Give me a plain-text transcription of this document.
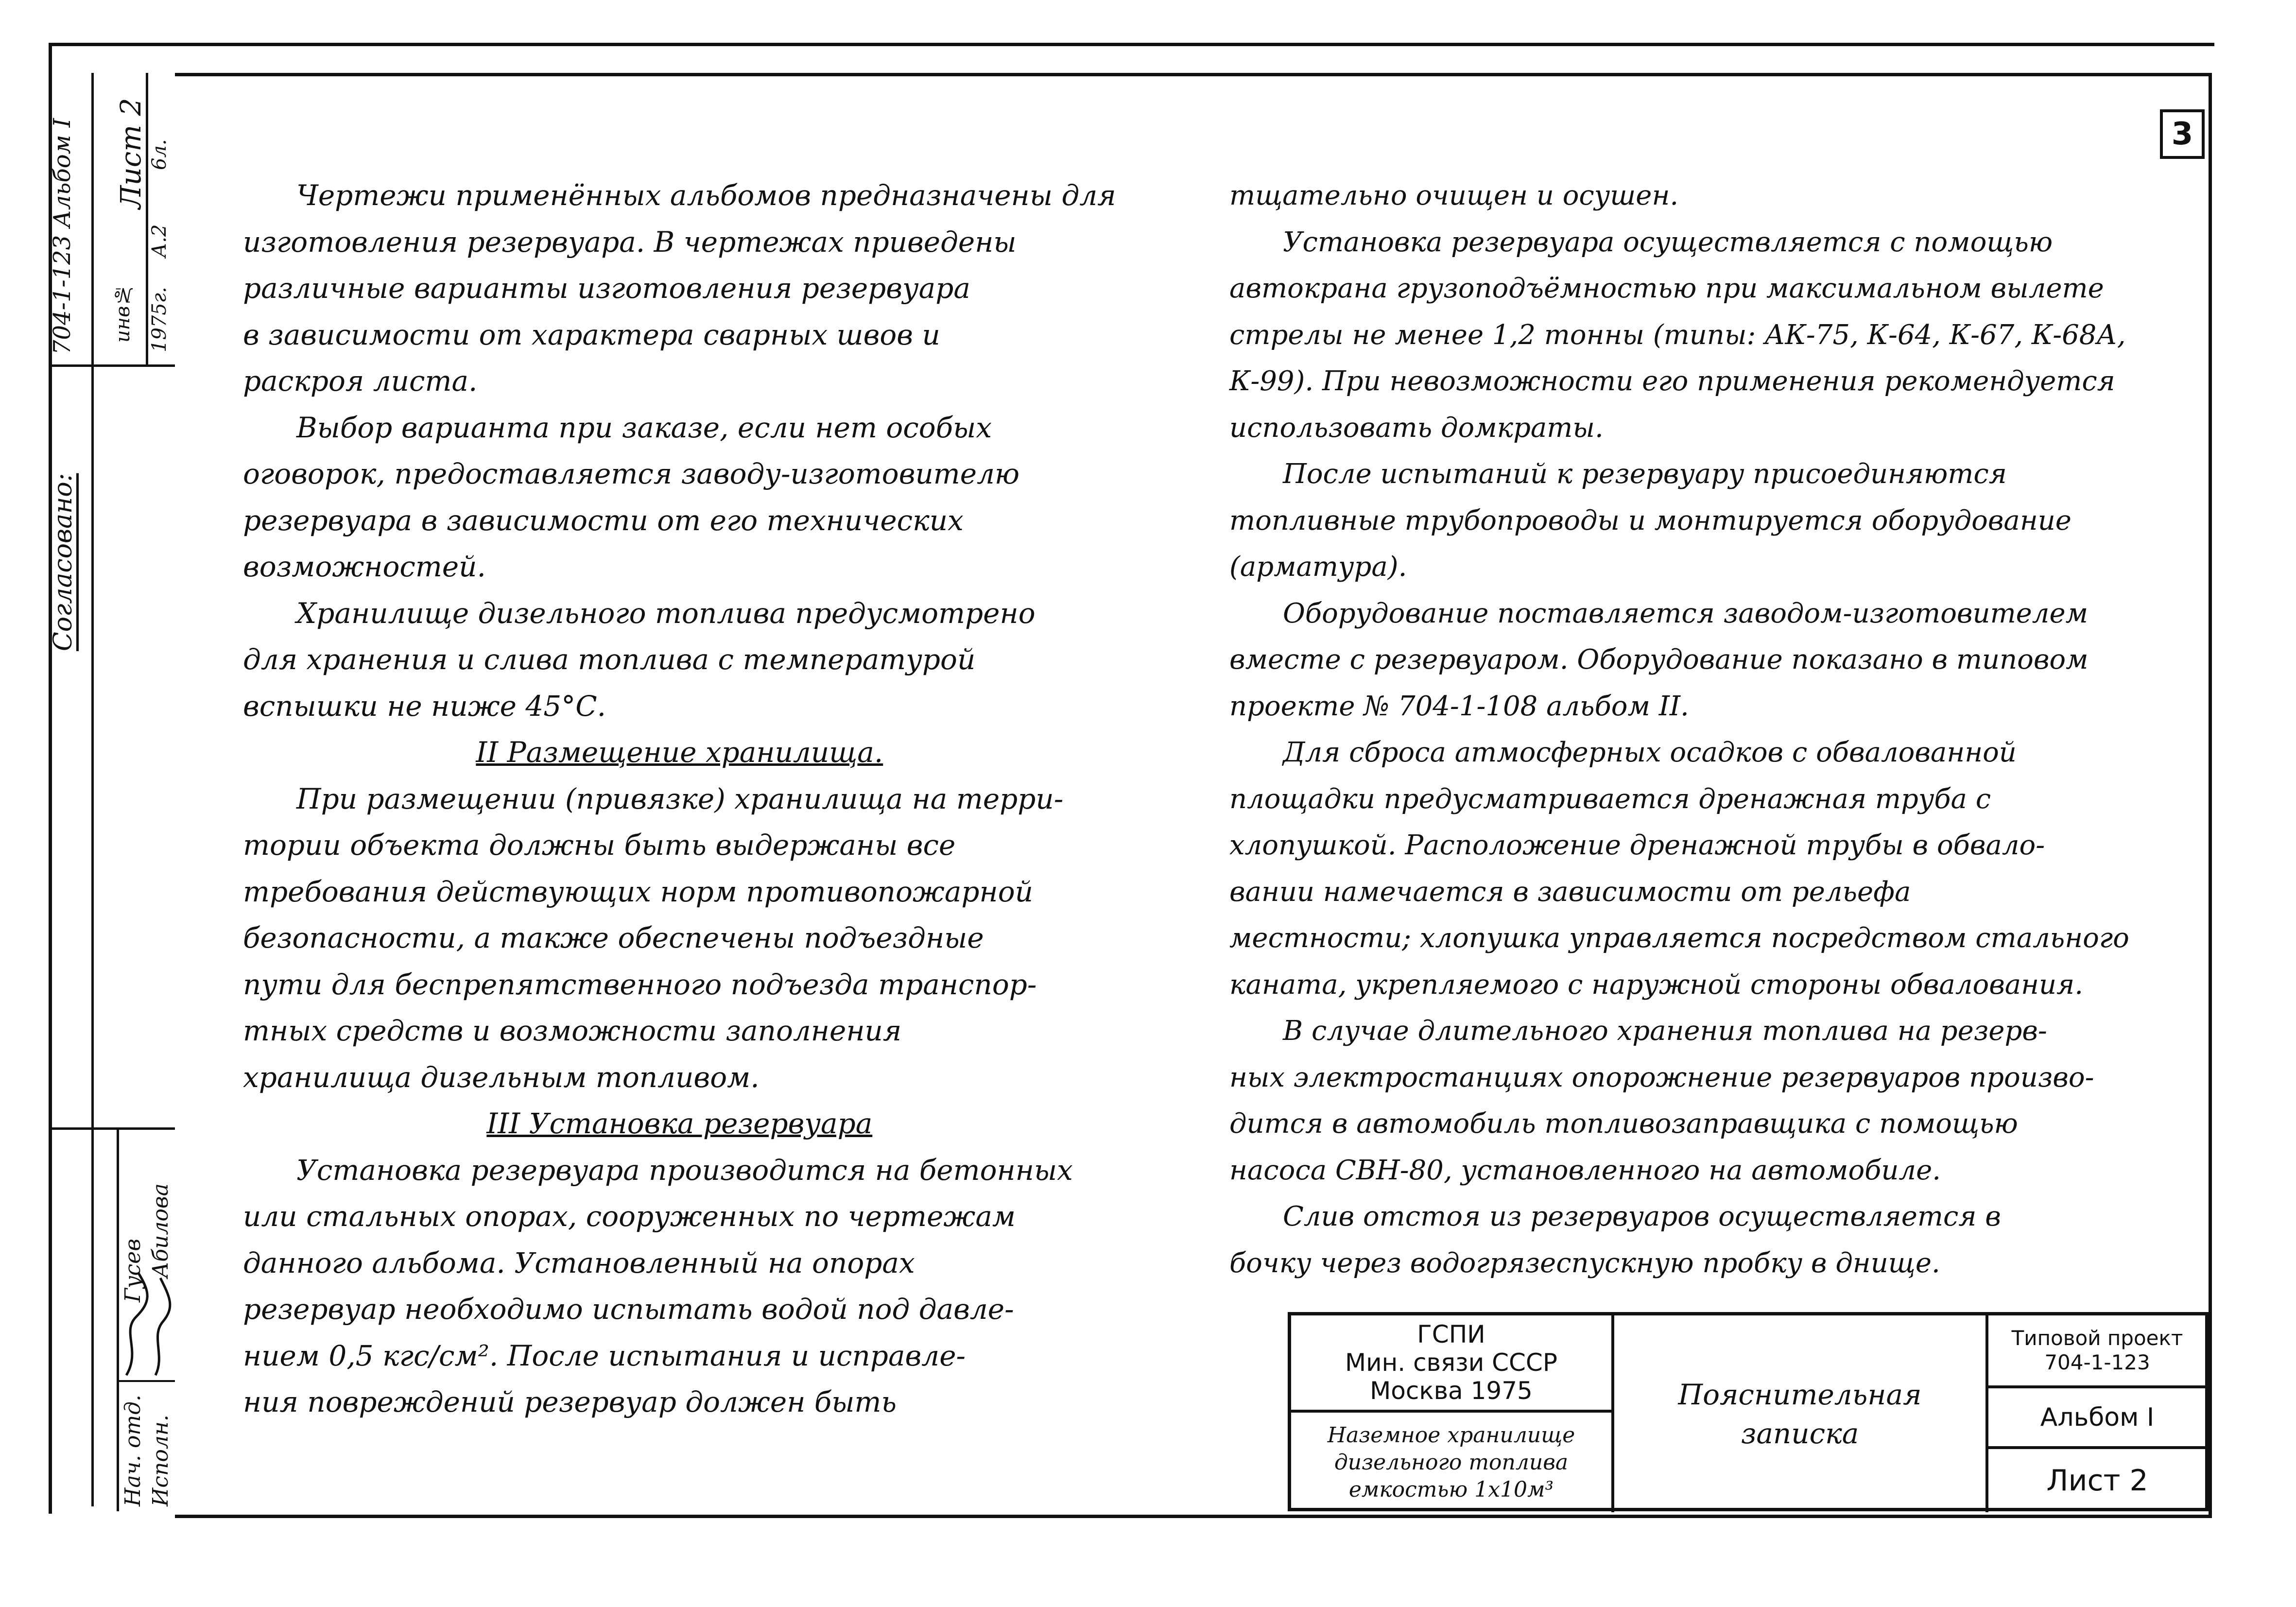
704-1-123 Альбом I Лист 2
инв№ 1975г.
А.2
6л.
Согласовано:
Нач. отд. Исполн.
Гусев Абилова
3

Чертежи применённых альбомов предназначены для

изготовления резервуара. В чертежах приведены

различные варианты изготовления резервуара

в зависимости от характера сварных швов и

раскроя листа.

Выбор варианта при заказе, если нет особых

оговорок, предоставляется заводу-изготовителю

резервуара в зависимости от его технических

возможностей.

Хранилище дизельного топлива предусмотрено

для хранения и слива топлива с температурой

вспышки не ниже 45°С.

II Размещение хранилища.

При размещении (привязке) хранилища на терри-

тории объекта должны быть выдержаны все

требования действующих норм противопожарной

безопасности, а также обеспечены подъездные

пути для беспрепятственного подъезда транспор-

тных средств и возможности заполнения

хранилища дизельным топливом.

III Установка резервуара

Установка резервуара производится на бетонных

или стальных опорах, сооруженных по чертежам

данного альбома. Установленный на опорах

резервуар необходимо испытать водой под давле-

нием 0,5 кгс/см². После испытания и исправле-

ния повреждений резервуар должен быть

тщательно очищен и осушен.

Установка резервуара осуществляется с помощью

автокрана грузоподъёмностью при максимальном вылете

стрелы не менее 1,2 тонны (типы: АК-75, К-64, К-67, К-68А,

К-99). При невозможности его применения рекомендуется

использовать домкраты.

После испытаний к резервуару присоединяются

топливные трубопроводы и монтируется оборудование

(арматура).

Оборудование поставляется заводом-изготовителем

вместе с резервуаром. Оборудование показано в типовом

проекте № 704-1-108 альбом II.

Для сброса атмосферных осадков с обвалованной

площадки предусматривается дренажная труба с

хлопушкой. Расположение дренажной трубы в обвало-

вании намечается в зависимости от рельефа

местности; хлопушка управляется посредством стального

каната, укрепляемого с наружной стороны обвалования.

В случае длительного хранения топлива на резерв-

ных электростанциях опорожнение резервуаров произво-

дится в автомобиль топливозаправщика с помощью

насоса СВН-80, установленного на автомобиле.

Слив отстоя из резервуаров осуществляется в

бочку через водогрязеспускную пробку в днище.

ГСПИ
Мин. связи СССР
Москва 1975
Наземное хранилище
дизельного топлива
емкостью 1x10м³
Пояснительная
записка
Типовой проект
704-1-123
Альбом I
Лист 2
